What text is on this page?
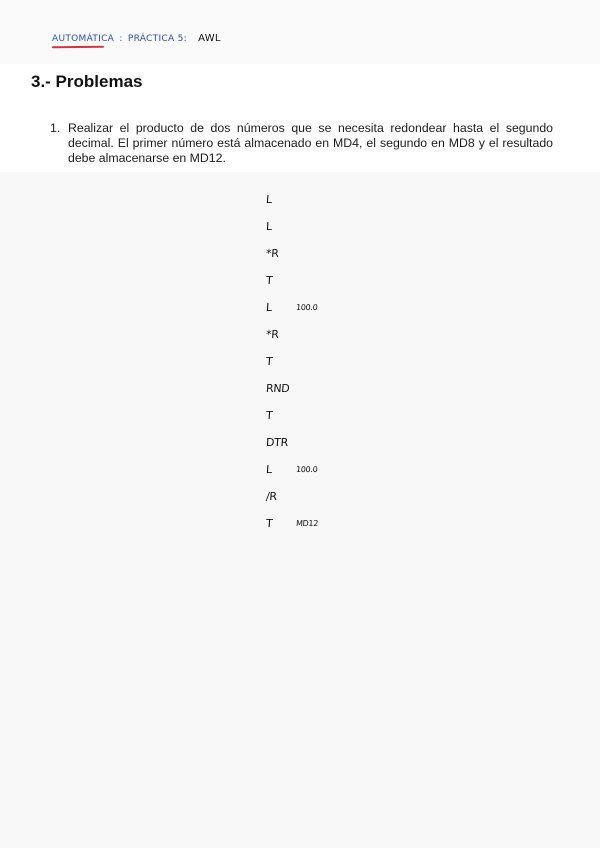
AUTOMÁTICA : PRÁCTICA 5: AWL
3.- Problemas
1. Realizar el producto de dos números que se necesita redondear hasta el segundo decimal. El primer número está almacenado en MD4, el segundo en MD8 y el resultado debe almacenarse en MD12.
L
L
*R
T
L	100.0
*R
T
RND
T
DTR
L	100.0
/R
T	MD12
